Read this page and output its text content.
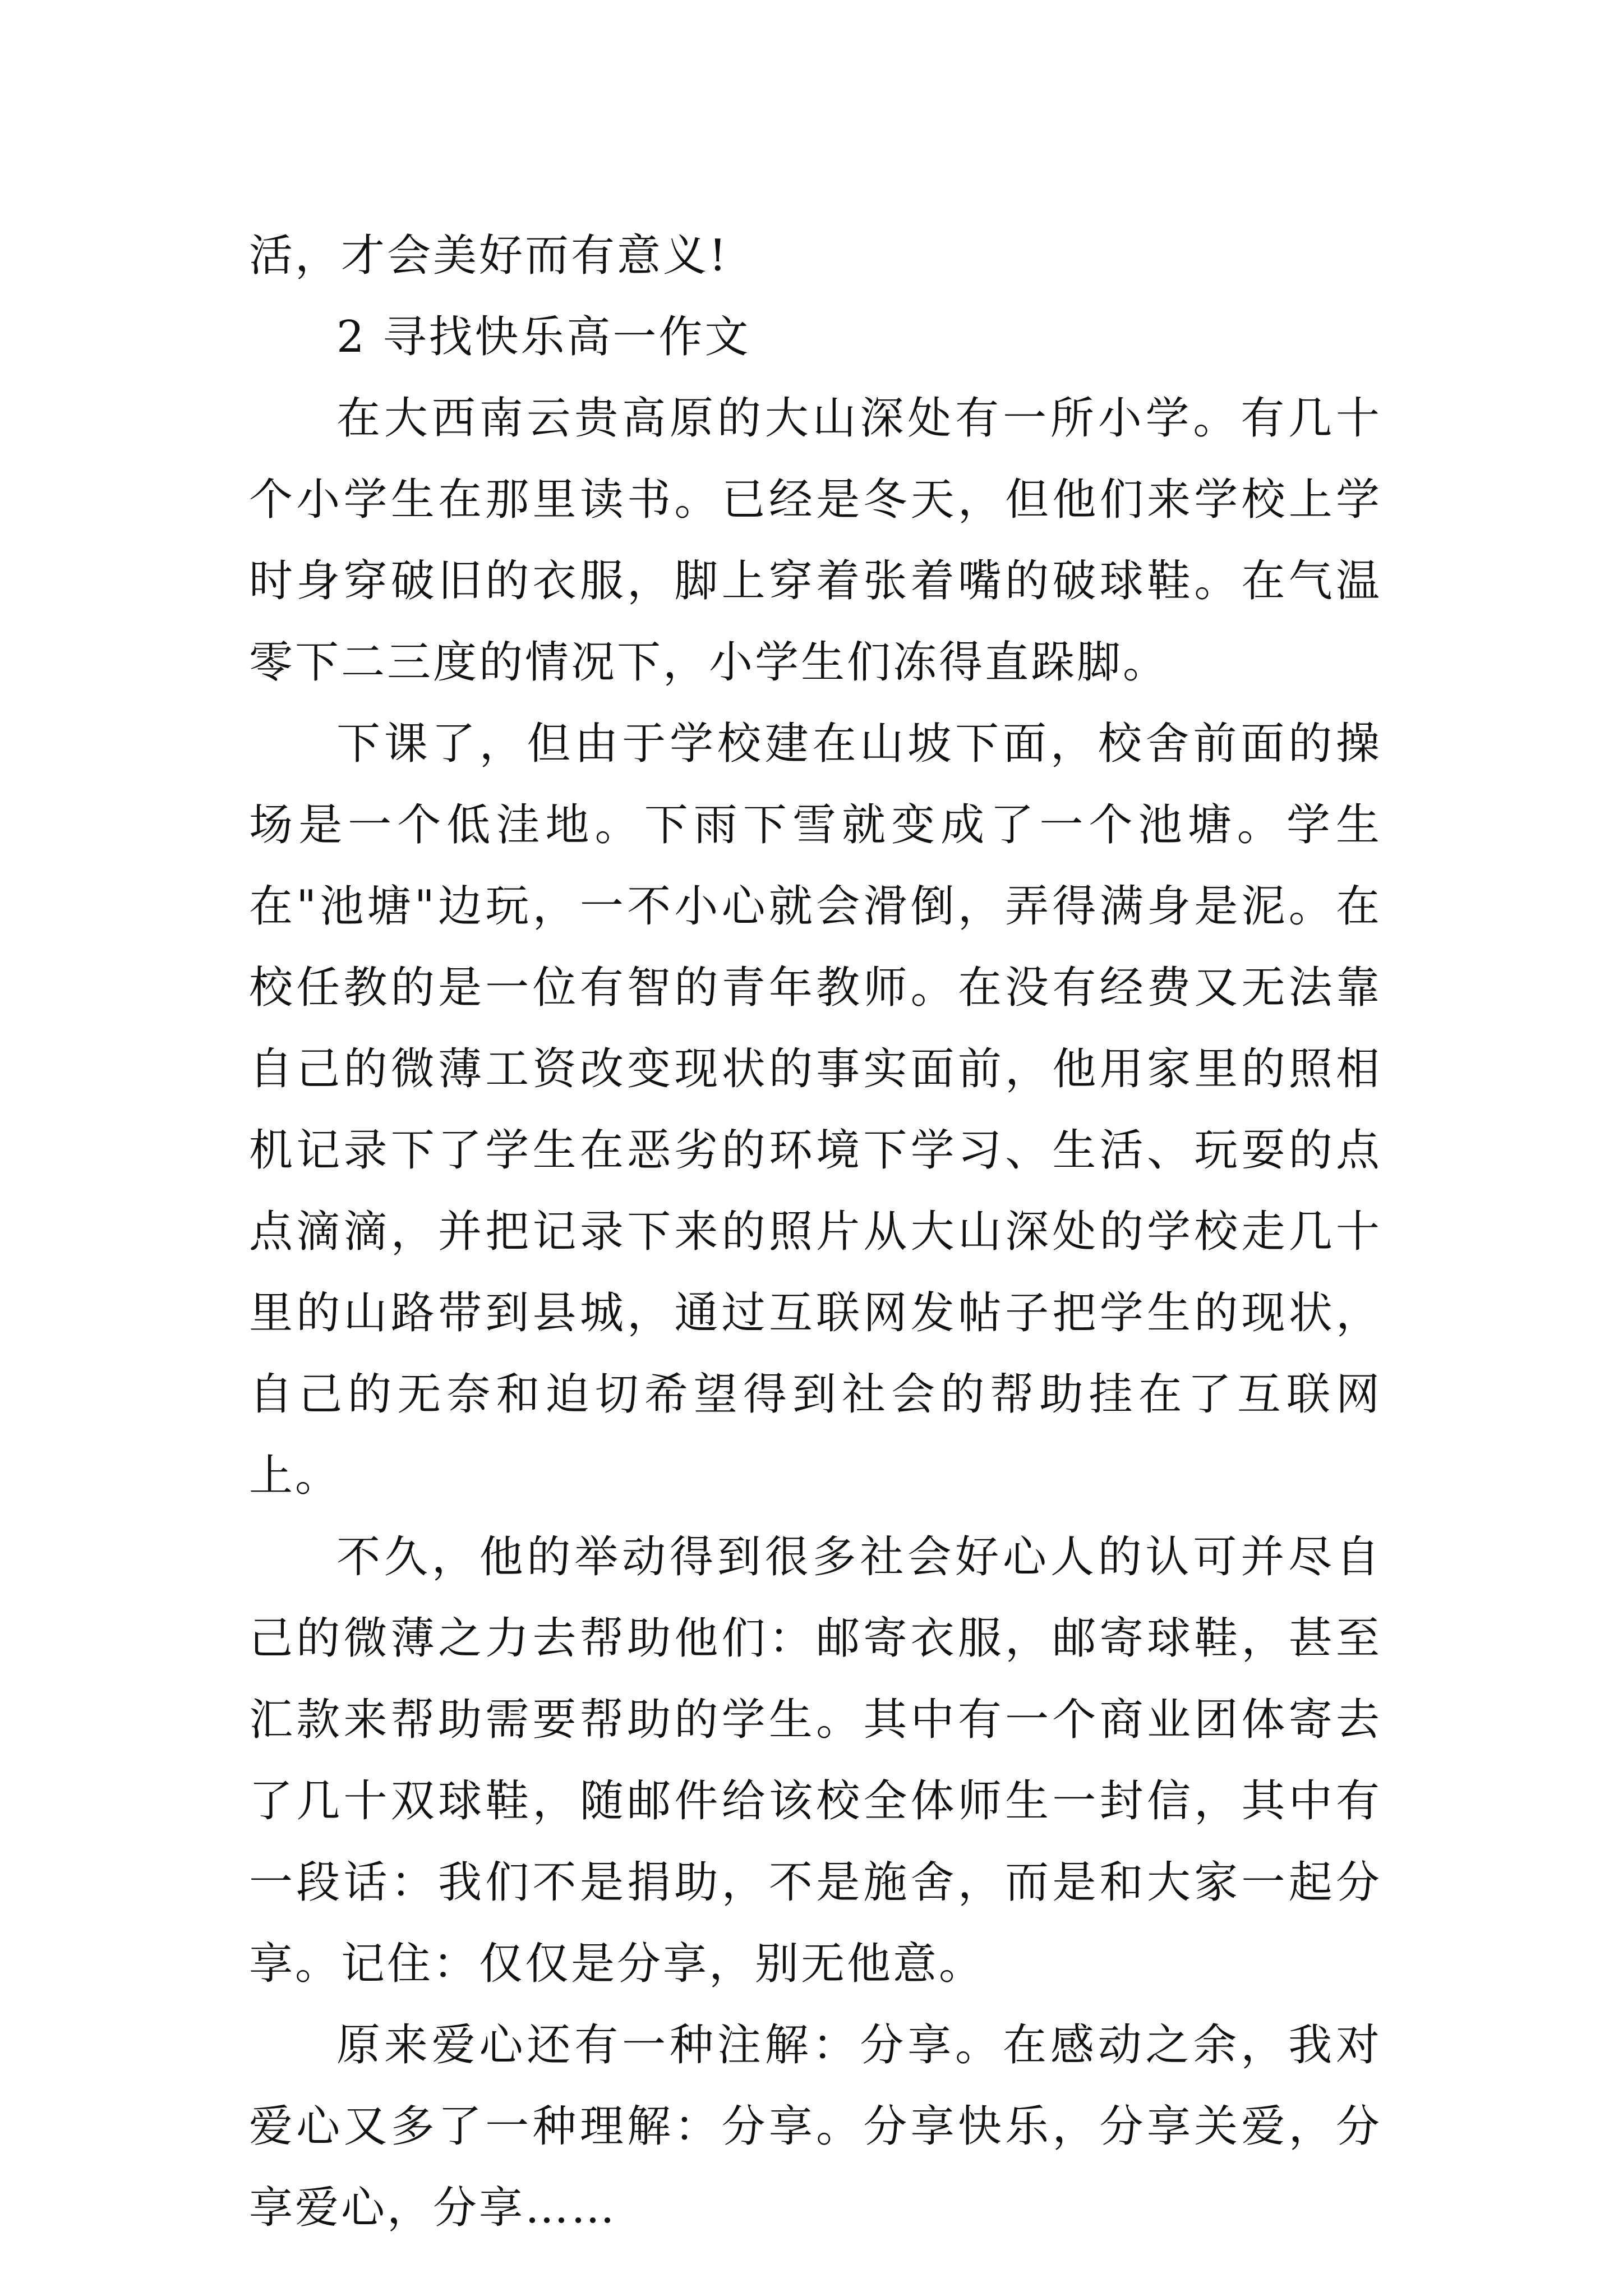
活，才会美好而有意义!

2 寻找快乐高一作文

在大西南云贵高原的大山深处有一所小学。有几十个小学生在那里读书。已经是冬天，但他们来学校上学时身穿破旧的衣服，脚上穿着张着嘴的破球鞋。在气温零下二三度的情况下，小学生们冻得直跺脚。

下课了，但由于学校建在山坡下面，校舍前面的操场是一个低洼地。下雨下雪就变成了一个池塘。学生在"池塘"边玩，一不小心就会滑倒，弄得满身是泥。在校任教的是一位有智的青年教师。在没有经费又无法靠自己的微薄工资改变现状的事实面前，他用家里的照相机记录下了学生在恶劣的环境下学习、生活、玩耍的点点滴滴，并把记录下来的照片从大山深处的学校走几十里的山路带到县城，通过互联网发帖子把学生的现状，自己的无奈和迫切希望得到社会的帮助挂在了互联网上。

不久，他的举动得到很多社会好心人的认可并尽自己的微薄之力去帮助他们：邮寄衣服，邮寄球鞋，甚至汇款来帮助需要帮助的学生。其中有一个商业团体寄去了几十双球鞋，随邮件给该校全体师生一封信，其中有一段话：我们不是捐助，不是施舍，而是和大家一起分享。记住：仅仅是分享，别无他意。

原来爱心还有一种注解：分享。在感动之余，我对爱心又多了一种理解：分享。分享快乐，分享关爱，分享爱心，分享……
